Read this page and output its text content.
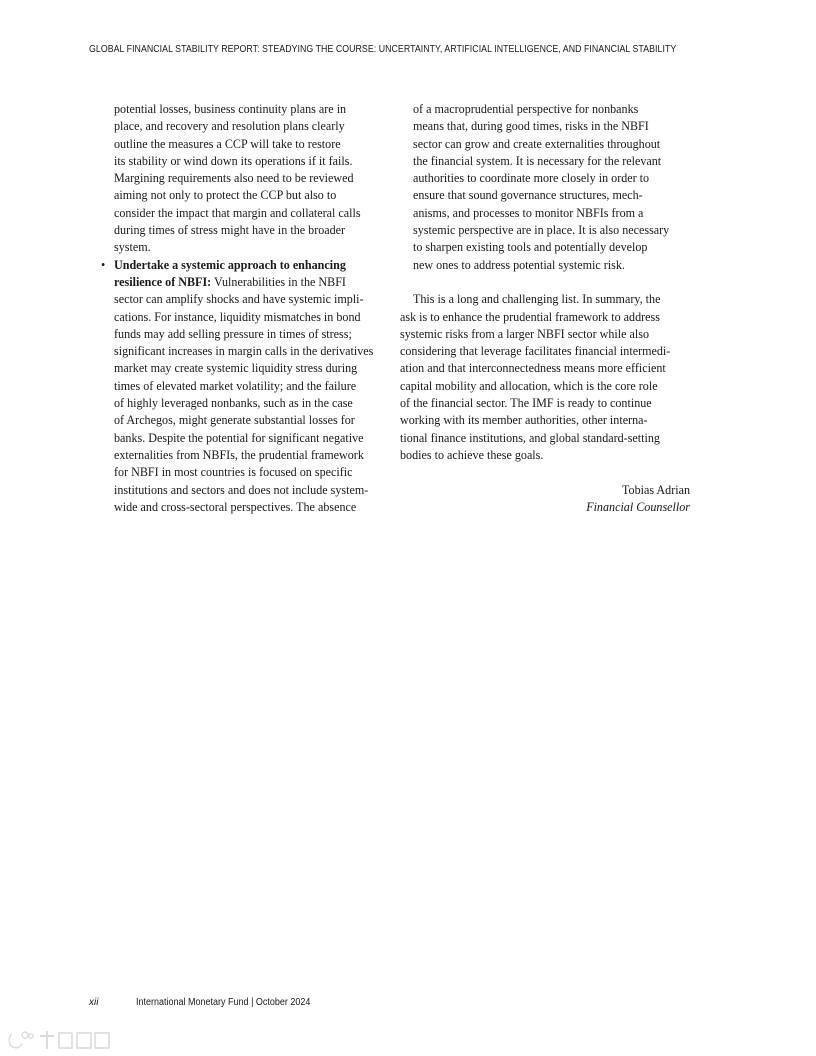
GLOBAL FINANCIAL STABILITY REPORT: STEADYING THE COURSE: UNCERTAINTY, ARTIFICIAL INTELLIGENCE, AND FINANCIAL STABILITY
potential losses, business continuity plans are in
place, and recovery and resolution plans clearly
outline the measures a CCP will take to restore
its stability or wind down its operations if it fails.
Margining requirements also need to be reviewed
aiming not only to protect the CCP but also to
consider the impact that margin and collateral calls
during times of stress might have in the broader
system.
• Undertake a systemic approach to enhancing
resilience of NBFI: Vulnerabilities in the NBFI
sector can amplify shocks and have systemic impli-
cations. For instance, liquidity mismatches in bond
funds may add selling pressure in times of stress;
significant increases in margin calls in the derivatives
market may create systemic liquidity stress during
times of elevated market volatility; and the failure
of highly leveraged nonbanks, such as in the case
of Archegos, might generate substantial losses for
banks. Despite the potential for significant negative
externalities from NBFIs, the prudential framework
for NBFI in most countries is focused on specific
institutions and sectors and does not include system-
wide and cross-sectoral perspectives. The absence
of a macroprudential perspective for nonbanks
means that, during good times, risks in the NBFI
sector can grow and create externalities throughout
the financial system. It is necessary for the relevant
authorities to coordinate more closely in order to
ensure that sound governance structures, mech-
anisms, and processes to monitor NBFIs from a
systemic perspective are in place. It is also necessary
to sharpen existing tools and potentially develop
new ones to address potential systemic risk.
This is a long and challenging list. In summary, the
ask is to enhance the prudential framework to address
systemic risks from a larger NBFI sector while also
considering that leverage facilitates financial intermedi-
ation and that interconnectedness means more efficient
capital mobility and allocation, which is the core role
of the financial sector. The IMF is ready to continue
working with its member authorities, other interna-
tional finance institutions, and global standard-setting
bodies to achieve these goals.
Tobias Adrian
Financial Counsellor
xii	International Monetary Fund | October 2024
